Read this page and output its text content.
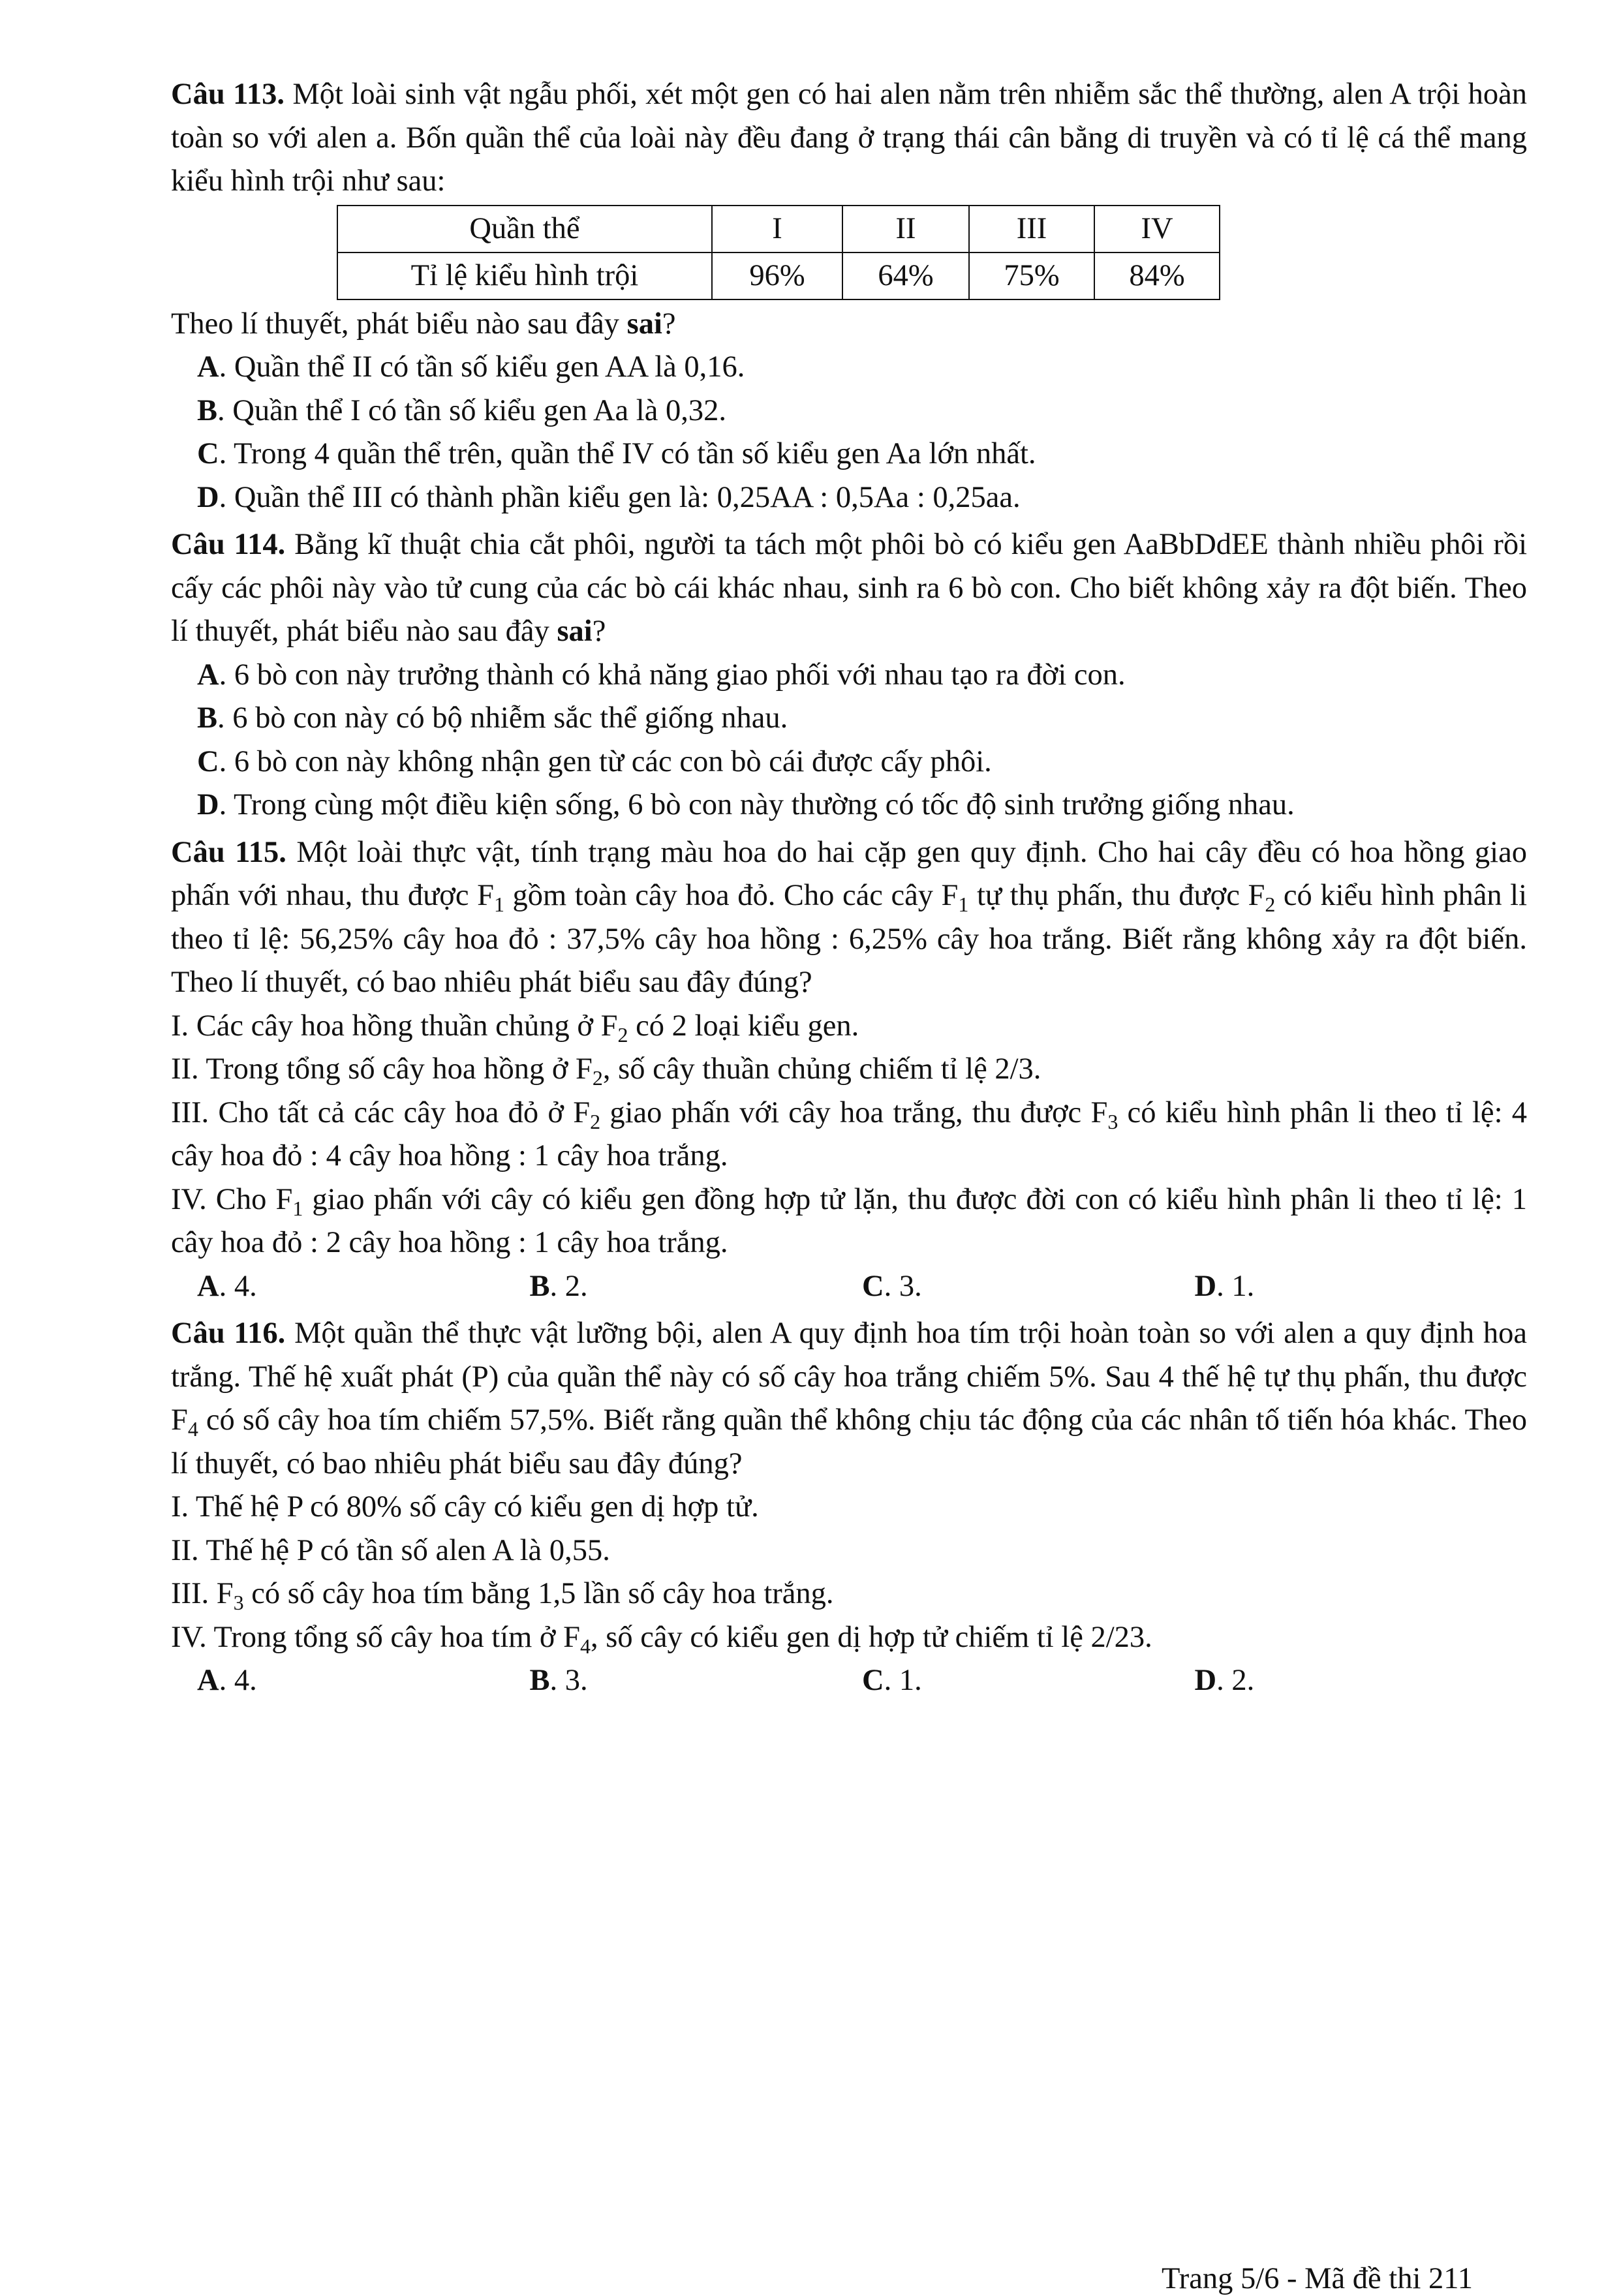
Câu 113. Một loài sinh vật ngẫu phối, xét một gen có hai alen nằm trên nhiễm sắc thể thường, alen A trội hoàn toàn so với alen a. Bốn quần thể của loài này đều đang ở trạng thái cân bằng di truyền và có tỉ lệ cá thể mang kiểu hình trội như sau:
Quần thể	I	II	III	IV
Tỉ lệ kiểu hình trội	96%	64%	75%	84%
Theo lí thuyết, phát biểu nào sau đây sai?
A. Quần thể II có tần số kiểu gen AA là 0,16.
B. Quần thể I có tần số kiểu gen Aa là 0,32.
C. Trong 4 quần thể trên, quần thể IV có tần số kiểu gen Aa lớn nhất.
D. Quần thể III có thành phần kiểu gen là: 0,25AA : 0,5Aa : 0,25aa.
Câu 114. Bằng kĩ thuật chia cắt phôi, người ta tách một phôi bò có kiểu gen AaBbDdEE thành nhiều phôi rồi cấy các phôi này vào tử cung của các bò cái khác nhau, sinh ra 6 bò con. Cho biết không xảy ra đột biến. Theo lí thuyết, phát biểu nào sau đây sai?
A. 6 bò con này trưởng thành có khả năng giao phối với nhau tạo ra đời con.
B. 6 bò con này có bộ nhiễm sắc thể giống nhau.
C. 6 bò con này không nhận gen từ các con bò cái được cấy phôi.
D. Trong cùng một điều kiện sống, 6 bò con này thường có tốc độ sinh trưởng giống nhau.
Câu 115. Một loài thực vật, tính trạng màu hoa do hai cặp gen quy định. Cho hai cây đều có hoa hồng giao phấn với nhau, thu được $F_1$ gồm toàn cây hoa đỏ. Cho các cây $F_1$ tự thụ phấn, thu được $F_2$ có kiểu hình phân li theo tỉ lệ: 56,25% cây hoa đỏ : 37,5% cây hoa hồng : 6,25% cây hoa trắng. Biết rằng không xảy ra đột biến. Theo lí thuyết, có bao nhiêu phát biểu sau đây đúng?
I. Các cây hoa hồng thuần chủng ở $F_2$ có 2 loại kiểu gen.
II. Trong tổng số cây hoa hồng ở $F_2$, số cây thuần chủng chiếm tỉ lệ 2/3.
III. Cho tất cả các cây hoa đỏ ở $F_2$ giao phấn với cây hoa trắng, thu được $F_3$ có kiểu hình phân li theo tỉ lệ: 4 cây hoa đỏ : 4 cây hoa hồng : 1 cây hoa trắng.
IV. Cho $F_1$ giao phấn với cây có kiểu gen đồng hợp tử lặn, thu được đời con có kiểu hình phân li theo tỉ lệ: 1 cây hoa đỏ : 2 cây hoa hồng : 1 cây hoa trắng.
A. 4.	B. 2.	C. 3.	D. 1.
Câu 116. Một quần thể thực vật lưỡng bội, alen A quy định hoa tím trội hoàn toàn so với alen a quy định hoa trắng. Thế hệ xuất phát (P) của quần thể này có số cây hoa trắng chiếm 5%. Sau 4 thế hệ tự thụ phấn, thu được $F_4$ có số cây hoa tím chiếm 57,5%. Biết rằng quần thể không chịu tác động của các nhân tố tiến hóa khác. Theo lí thuyết, có bao nhiêu phát biểu sau đây đúng?
I. Thế hệ P có 80% số cây có kiểu gen dị hợp tử.
II. Thế hệ P có tần số alen A là 0,55.
III. $F_3$ có số cây hoa tím bằng 1,5 lần số cây hoa trắng.
IV. Trong tổng số cây hoa tím ở $F_4$, số cây có kiểu gen dị hợp tử chiếm tỉ lệ 2/23.
A. 4.	B. 3.	C. 1.	D. 2.
Trang 5/6 - Mã đề thi 211
